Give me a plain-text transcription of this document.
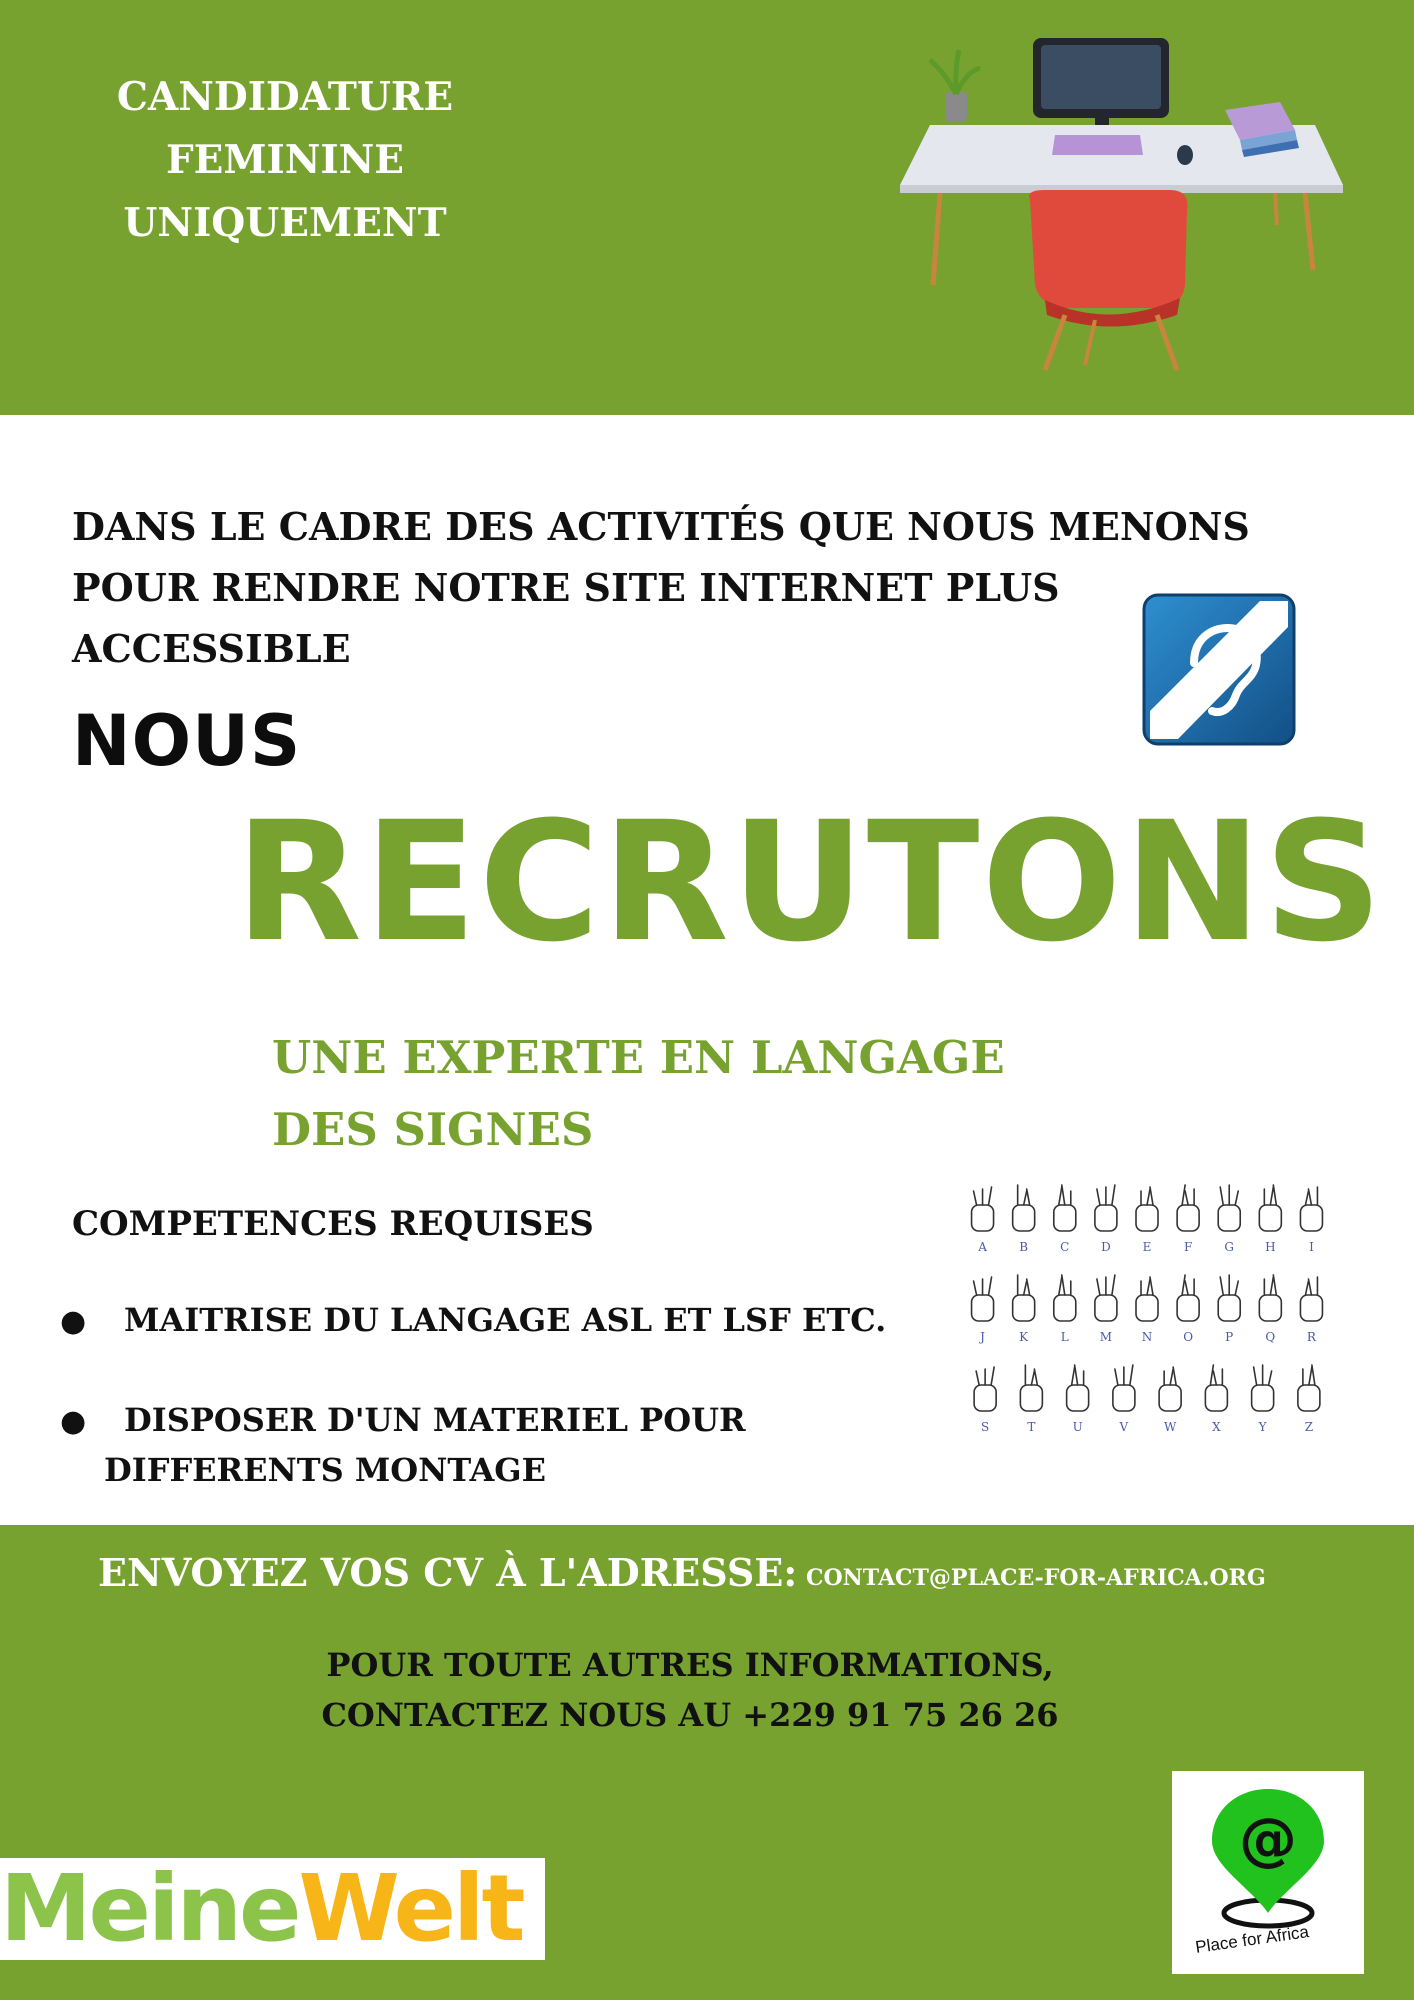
CANDIDATURE
FEMININE
UNIQUEMENT
DANS LE CADRE DES ACTIVITÉS QUE NOUS MENONS
POUR RENDRE NOTRE SITE INTERNET PLUS
ACCESSIBLE
NOUS
RECRUTONS
UNE EXPERTE EN LANGAGE
DES SIGNES
COMPETENCES REQUISES
● MAITRISE DU LANGAGE ASL ET LSF ETC.
● DISPOSER D'UN MATERIEL POUR
DIFFERENTS MONTAGE
A	B	C	D	E	F	G	H	I
J	K	L	M N	O	P	Q	R
S	T	U	V	W	X	Y	Z
ENVOYEZ VOS CV À L'ADRESSE: CONTACT@PLACE-FOR-AFRICA.ORG
POUR TOUTE AUTRES INFORMATIONS,
CONTACTEZ NOUS AU +229 91 75 26 26
MeineWelt
@
Place for Africa
